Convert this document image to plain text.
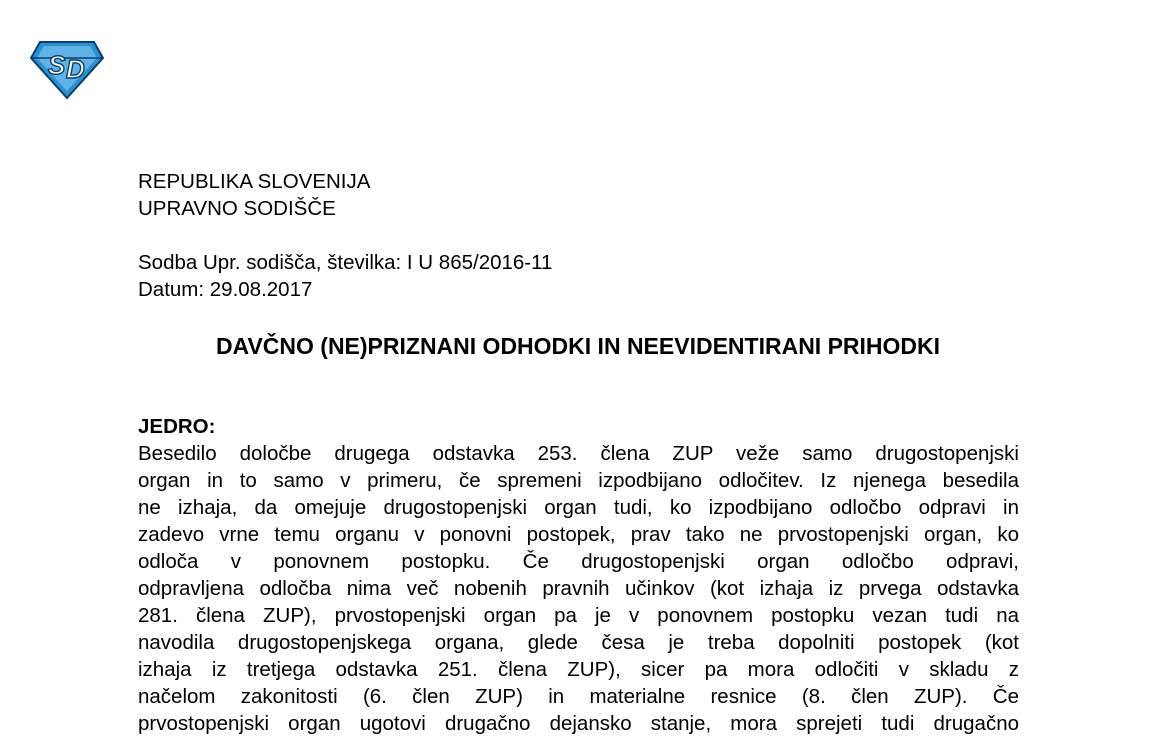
S D
REPUBLIKA SLOVENIJA
UPRAVNO SODIŠČE
Sodba Upr. sodišča, številka: I U 865/2016-11
Datum: 29.08.2017
DAVČNO (NE)PRIZNANI ODHODKI IN NEEVIDENTIRANI PRIHODKI
JEDRO:
Besedilo določbe drugega odstavka 253. člena ZUP veže samo drugostopenjski
organ in to samo v primeru, če spremeni izpodbijano odločitev. Iz njenega besedila
ne izhaja, da omejuje drugostopenjski organ tudi, ko izpodbijano odločbo odpravi in
zadevo vrne temu organu v ponovni postopek, prav tako ne prvostopenjski organ, ko
odloča v ponovnem postopku. Če drugostopenjski organ odločbo odpravi,
odpravljena odločba nima več nobenih pravnih učinkov (kot izhaja iz prvega odstavka
281. člena ZUP), prvostopenjski organ pa je v ponovnem postopku vezan tudi na
navodila drugostopenjskega organa, glede česa je treba dopolniti postopek (kot
izhaja iz tretjega odstavka 251. člena ZUP), sicer pa mora odločiti v skladu z
načelom zakonitosti (6. člen ZUP) in materialne resnice (8. člen ZUP). Če
prvostopenjski organ ugotovi drugačno dejansko stanje, mora sprejeti tudi drugačno
